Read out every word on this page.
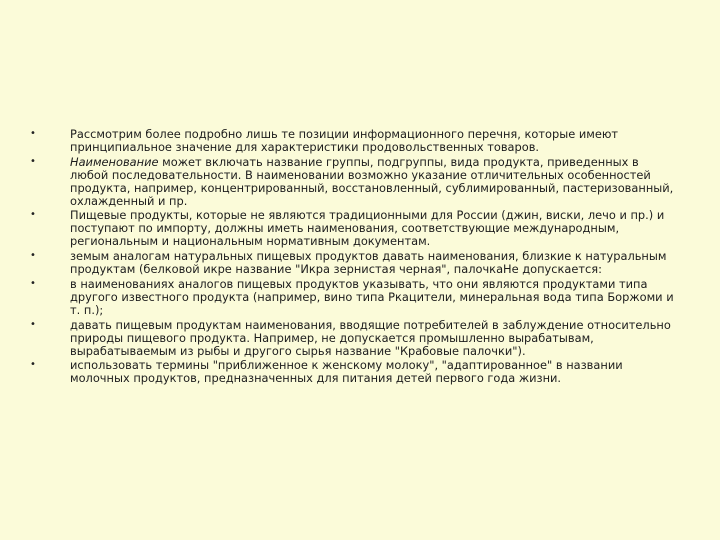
•	Рассмотрим более подробно лишь те позиции информационного перечня, которые имеют принципиальное значение для характеристики продовольственных товаров.
•	Наименование может включать название группы, подгруппы, вида продукта, приведенных в любой последовательности. В наименовании возможно указание отличительных особенностей продукта, например, концентрированный, восстановленный, сублимированный, пастеризованный, охлажденный и пр.
•	Пищевые продукты, которые не являются традиционными для России (джин, виски, лечо и пр.) и поступают по импорту, должны иметь наименования, соответствующие международным, региональным и национальным нормативным документам.
•	земым аналогам натуральных пищевых продуктов давать наименования, близкие к натуральным продуктам (белковой икре название "Икра зернистая черная", палочкаНе допускается:
•	в наименованиях аналогов пищевых продуктов указывать, что они являются продуктами типа другого известного продукта (например, вино типа Ркацители, минеральная вода типа Боржоми и т. п.);
•	давать пищевым продуктам наименования, вводящие потребителей в заблуждение относительно природы пищевого продукта. Например, не допускается промышленно вырабатывам, вырабатываемым из рыбы и другого сырья название "Крабовые палочки").
•	использовать термины "приближенное к женскому молоку", "адаптированное" в названии молочных продуктов, предназначенных для питания детей первого года жизни.
